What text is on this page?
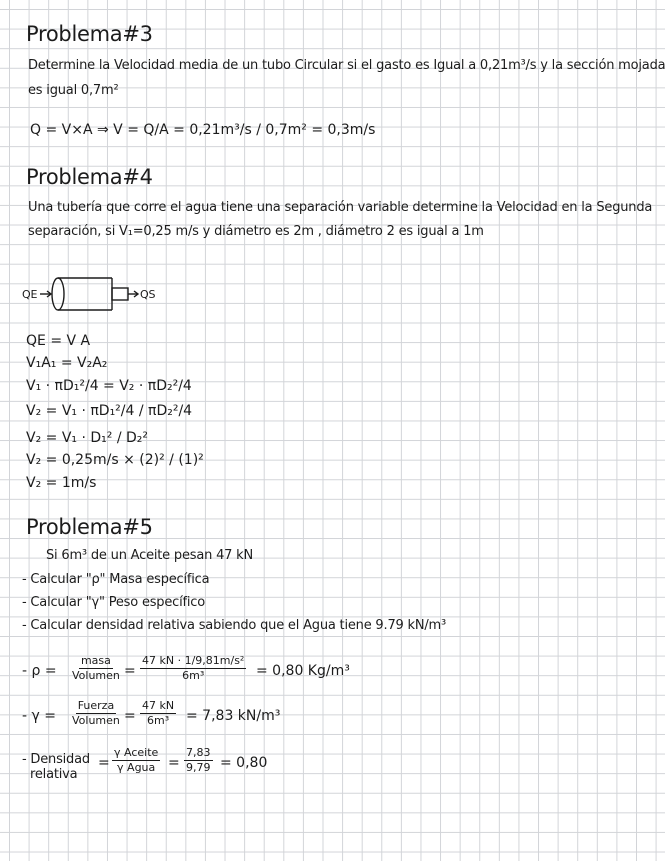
Problema#3
Determine la Velocidad media de un tubo Circular si el gasto es Igual a 0,21m³/s y la sección mojada
es igual 0,7m²
Q = V×A ⇒ V = Q/A = 0,21m³/s / 0,7m² = 0,3m/s
Problema#4
Una tubería que corre el agua tiene una separación variable determine la Velocidad en la Segunda
separación, si V₁=0,25 m/s y diámetro es 2m , diámetro 2 es igual a 1m
QE	QS
QE = V A
V₁A₁ = V₂A₂
V₁ · πD₁²/4 = V₂ · πD₂²/4
V₂ = V₁ · πD₁²/4 / πD₂²/4
V₂ = V₁ · D₁² / D₂²
V₂ = 0,25m/s × (2)² / (1)²
V₂ = 1m/s
Problema#5
Si 6m³ de un Aceite pesan 47 kN
- Calcular "ρ" Masa específica
- Calcular "γ" Peso específico
- Calcular densidad relativa sabiendo que el Agua tiene 9.79 kN/m³
- ρ =
masa
Volumen = $\frac{\text{47 kN · 1/9,81m/s²}}{\text{6m³}} = 0,80$ Kg/m³
- γ =
Fuerza
Volumen = $\frac{47 kN}{\text{6m³}} = 7,83$ kN/m³
- Densidad
relativa
=
γ Aceite
γ Agua = $\frac{7,83}{9,79} = 0,80$
